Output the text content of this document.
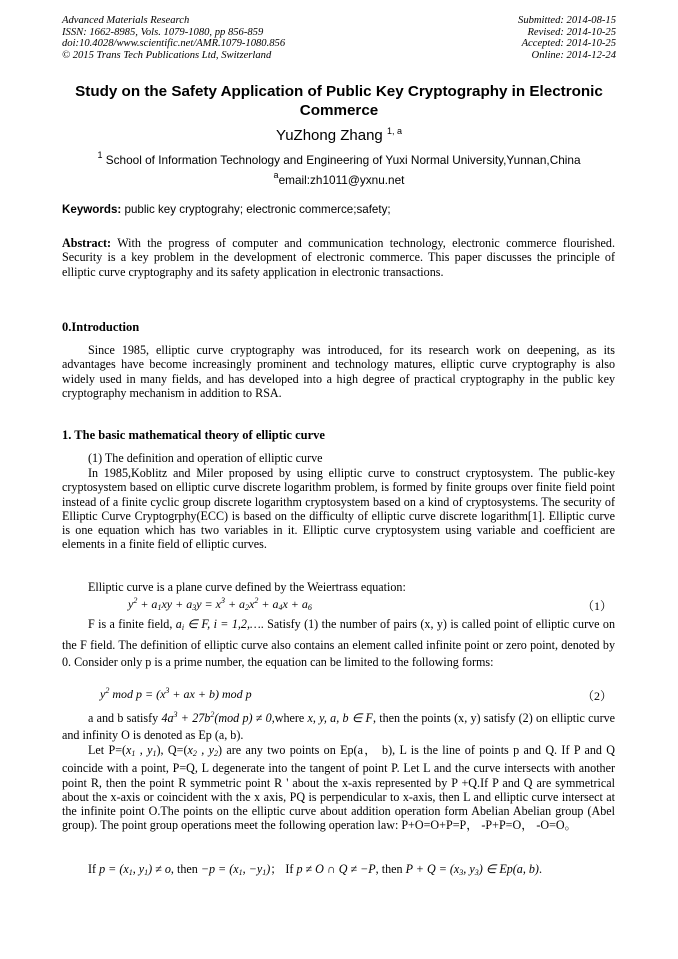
Advanced Materials Research
ISSN: 1662-8985, Vols. 1079-1080, pp 856-859
doi:10.4028/www.scientific.net/AMR.1079-1080.856
© 2015 Trans Tech Publications Ltd, Switzerland
Submitted: 2014-08-15
Revised: 2014-10-25
Accepted: 2014-10-25
Online: 2014-12-24
Study on the Safety Application of Public Key Cryptography in Electronic Commerce
YuZhong Zhang $^{1, a}$
$^1$ School of Information Technology and Engineering of Yuxi Normal University,Yunnan,China
$^a$email:zh1011@yxnu.net
Keywords: public key cryptograhy; electronic commerce;safety;
Abstract: With the progress of computer and communication technology, electronic commerce flourished. Security is a key problem in the development of electronic commerce. This paper discusses the principle of elliptic curve cryptography and its safety application in electronic transactions.
0.Introduction
Since 1985, elliptic curve cryptography was introduced, for its research work on deepening, as its advantages have become increasingly prominent and technology matures, elliptic curve cryptography is also widely used in many fields, and has developed into a high degree of practical cryptography in the public key cryptography mechanism in addition to RSA.
1. The basic mathematical theory of elliptic curve
(1) The definition and operation of elliptic curve
In 1985,Koblitz and Miler proposed by using elliptic curve to construct cryptosystem. The public-key cryptosystem based on elliptic curve discrete logarithm problem, is formed by finite groups over finite field point instead of a finite cyclic group discrete logarithm cryptosystem based on a kind of cryptosystems. The security of Elliptic Curve Cryptogrphy(ECC) is based on the difficulty of elliptic curve discrete logarithm[1]. Elliptic curve is one equation which has two variables in it. Elliptic curve cryptosystem using variable and coefficient are elements in a finite field of elliptic curves.
Elliptic curve is a plane curve defined by the Weiertrass equation:
$y^2 + a_1xy + a_3y = x^3 + a_2x^2 + a_4x + a_6$	（1）
F is a finite field, $a_i$ ∈ F, i = 1,2,…. Satisfy (1) the number of pairs (x, y) is called point of elliptic curve on the F field. The definition of elliptic curve also contains an element called infinite point or zero point, denoted by 0. Consider only p is a prime number, the equation can be limited to the following forms:
$y^2$ mod $p = (x^3$ + ax + b) mod p	（2）
a and b satisfy $4a^3 + 27b^2(mod$ p) ≠ 0,where x, y, a, b ∈ F, then the points (x, y) satisfy (2) on elliptic curve and infinity O is denoted as Ep (a, b).
Let $P=(x_1$ , $y_1$), $Q=(x_2$ , $y_2$) are any two points on Ep(a， b), L is the line of points p and Q. If P and Q coincide with a point, P=Q, L degenerate into the tangent of point P. Let L and the curve intersects with another point R, then the point R symmetric point R ' about the x-axis represented by P +Q.If P and Q are symmetrical about the x-axis or coincident with the x axis, PQ is perpendicular to x-axis, then L and elliptic curve intersect at the infinite point O.The points on the elliptic curve about addition operation form Abelian Abelian group (Abel group). The point group operations meet the following operation law: P+O=O+P=P， -P+P=O， -O=O。
If $p = (x_1$, $y_1) \ne o$, then $-p = (x_1$, $-y_1$)； If p ≠ O ∩ Q ≠ −P, then $P + Q = (x_3$, $y_3$) ∈ Ep(a, b).
